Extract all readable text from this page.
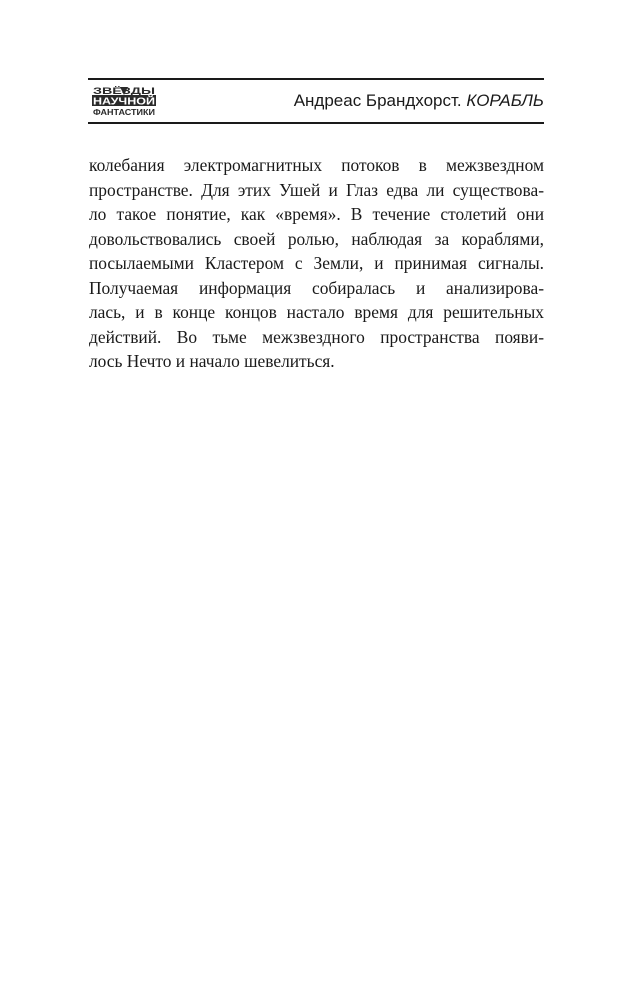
ЗВЁЗДЫ
НАУЧНОЙ
ФАНТАСТИКИ
Андреас Брандхорст. КОРАБЛЬ
колебания электромагнитных потоков в межзвездном
пространстве. Для этих Ушей и Глаз едва ли существова-
ло такое понятие, как «время». В течение столетий они
довольствовались своей ролью, наблюдая за кораблями,
посылаемыми Кластером с Земли, и принимая сигналы.
Получаемая информация собиралась и анализирова-
лась, и в конце концов настало время для решительных
действий. Во тьме межзвездного пространства появи-
лось Нечто и начало шевелиться.
